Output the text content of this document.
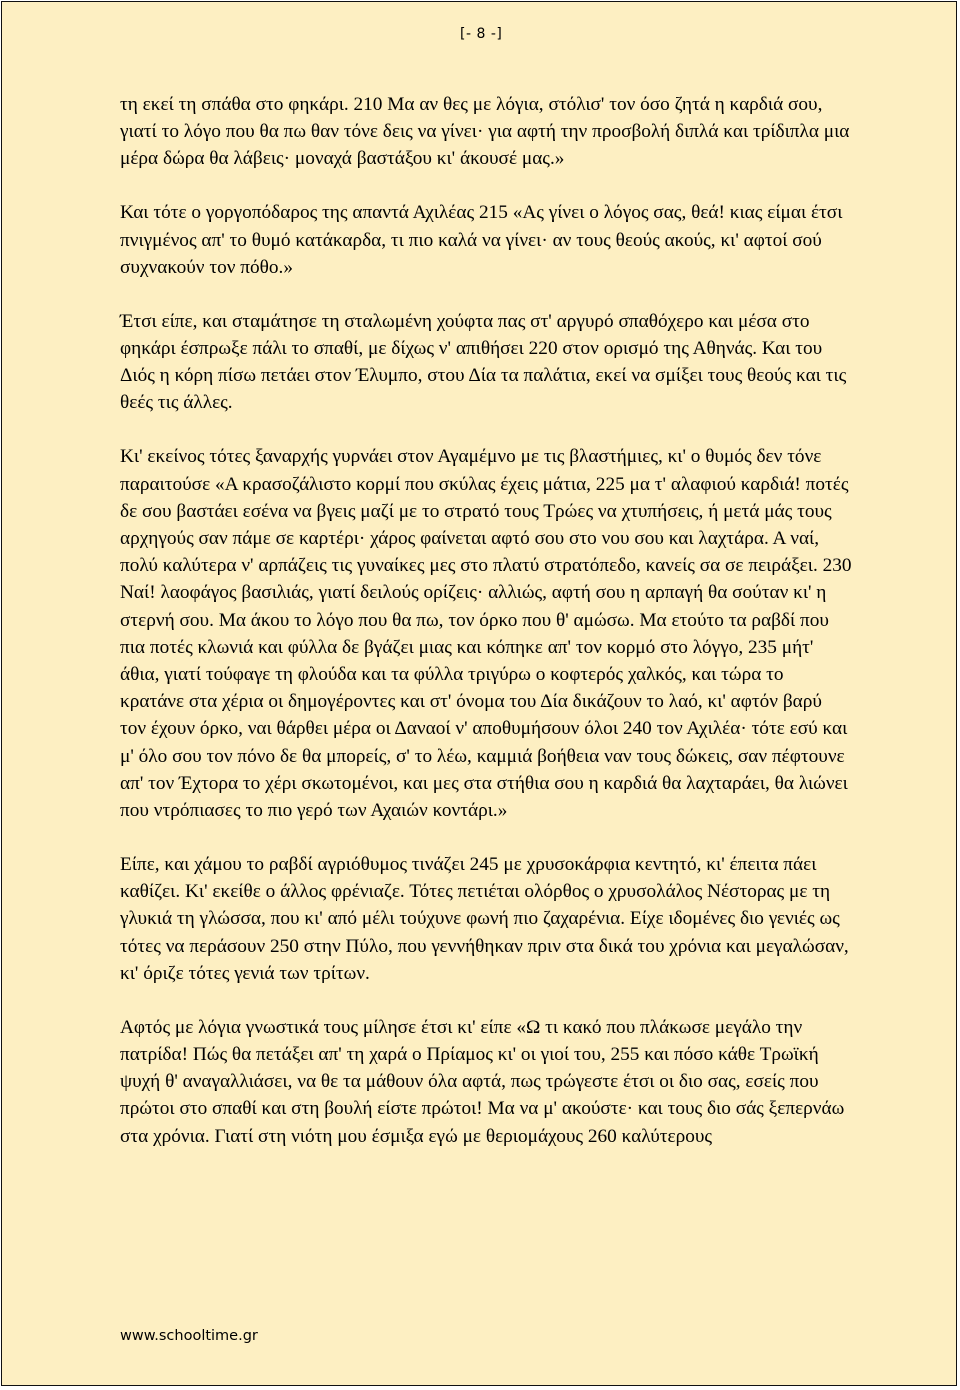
[- 8 -]

τη εκεί τη σπάθα στο φηκάρι. 210 Μα αν θες με λόγια, στόλισ' τον όσο ζητά η καρδιά σου, γιατί το λόγο που θα πω θαν τόνε δεις να γίνει· για αφτή την προσβολή διπλά και τρίδιπλα μια μέρα δώρα θα λάβεις· μοναχά βαστάξου κι' άκουσέ μας.»

Και τότε ο γοργοπόδαρος της απαντά Αχιλέας 215 «Ας γίνει ο λόγος σας, θεά! κιας είμαι έτσι πνιγμένος απ' το θυμό κατάκαρδα, τι πιο καλά να γίνει· αν τους θεούς ακούς, κι' αφτοί σού συχνακούν τον πόθο.»

Έτσι είπε, και σταμάτησε τη σταλωμένη χούφτα πας στ' αργυρό σπαθόχερο και μέσα στο φηκάρι έσπρωξε πάλι το σπαθί, με δίχως ν' απιθήσει 220 στον ορισμό της Αθηνάς. Και του Διός η κόρη πίσω πετάει στον Έλυμπο, στου Δία τα παλάτια, εκεί να σμίξει τους θεούς και τις θεές τις άλλες.

Κι' εκείνος τότες ξαναρχής γυρνάει στον Αγαμέμνο με τις βλαστήμιες, κι' ο θυμός δεν τόνε παραιτούσε «Α κρασοζάλιστο κορμί που σκύλας έχεις μάτια, 225 μα τ' αλαφιού καρδιά! ποτές δε σου βαστάει εσένα να βγεις μαζί με το στρατό τους Τρώες να χτυπήσεις, ή μετά μάς τους αρχηγούς σαν πάμε σε καρτέρι· χάρος φαίνεται αφτό σου στο νου σου και λαχτάρα. Α ναί, πολύ καλύτερα ν' αρπάζεις τις γυναίκες μες στο πλατύ στρατόπεδο, κανείς σα σε πειράξει. 230 Ναί! λαοφάγος βασιλιάς, γιατί δειλούς ορίζεις· αλλιώς, αφτή σου η αρπαγή θα σούταν κι' η στερνή σου. Μα άκου το λόγο που θα πω, τον όρκο που θ' αμώσω. Μα ετούτο τα ραβδί που πια ποτές κλωνιά και φύλλα δε βγάζει μιας και κόπηκε απ' τον κορμό στο λόγγο, 235 μήτ' άθια, γιατί τούφαγε τη φλούδα και τα φύλλα τριγύρω ο κοφτερός χαλκός, και τώρα το κρατάνε στα χέρια οι δημογέροντες και στ' όνομα του Δία δικάζουν το λαό, κι' αφτόν βαρύ τον έχουν όρκο, ναι θάρθει μέρα οι Δαναοί ν' αποθυμήσουν όλοι 240 τον Αχιλέα· τότε εσύ και μ' όλο σου τον πόνο δε θα μπορείς, σ' το λέω, καμμιά βοήθεια ναν τους δώκεις, σαν πέφτουνε απ' τον Έχτορα το χέρι σκωτομένοι, και μες στα στήθια σου η καρδιά θα λαχταράει, θα λιώνει που ντρόπιασες το πιο γερό των Αχαιών κοντάρι.»

Είπε, και χάμου το ραβδί αγριόθυμος τινάζει 245 με χρυσοκάρφια κεντητό, κι' έπειτα πάει καθίζει. Κι' εκείθε ο άλλος φρένιαζε. Τότες πετιέται ολόρθος ο χρυσολάλος Νέστορας με τη γλυκιά τη γλώσσα, που κι' από μέλι τούχυνε φωνή πιο ζαχαρένια. Είχε ιδομένες διο γενιές ως τότες να περάσουν 250 στην Πύλο, που γεννήθηκαν πριν στα δικά του χρόνια και μεγαλώσαν, κι' όριζε τότες γενιά των τρίτων.

Αφτός με λόγια γνωστικά τους μίλησε έτσι κι' είπε «Ω τι κακό που πλάκωσε μεγάλο την πατρίδα! Πώς θα πετάξει απ' τη χαρά ο Πρίαμος κι' οι γιοί του, 255 και πόσο κάθε Τρωϊκή ψυχή θ' αναγαλλιάσει, να θε τα μάθουν όλα αφτά, πως τρώγεστε έτσι οι διο σας, εσείς που πρώτοι στο σπαθί και στη βουλή είστε πρώτοι! Μα να μ' ακούστε· και τους διο σάς ξεπερνάω στα χρόνια. Γιατί στη νιότη μου έσμιξα εγώ με θεριομάχους 260 καλύτερους

www.schooltime.gr
